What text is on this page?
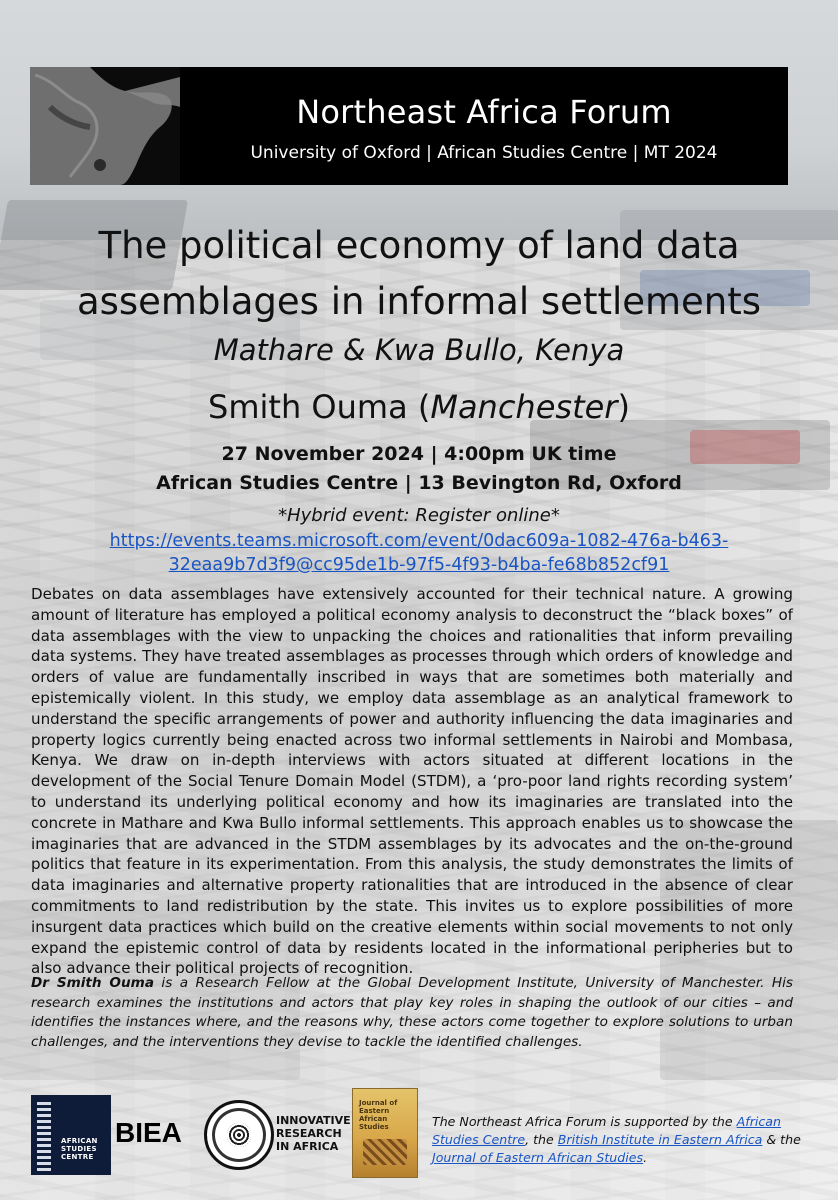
Northeast Africa Forum
University of Oxford | African Studies Centre | MT 2024
The political economy of land data
assemblages in informal settlements
Mathare & Kwa Bullo, Kenya
Smith Ouma (Manchester)
27 November 2024 | 4:00pm UK time
African Studies Centre | 13 Bevington Rd, Oxford
*Hybrid event: Register online*
https://events.teams.microsoft.com/event/0dac609a-1082-476a-b463-
32eaa9b7d3f9@cc95de1b-97f5-4f93-b4ba-fe68b852cf91
Debates on data assemblages have extensively accounted for their technical nature. A growing amount of literature has employed a political economy analysis to deconstruct the “black boxes” of data assemblages with the view to unpacking the choices and rationalities that inform prevailing data systems. They have treated assemblages as processes through which orders of knowledge and orders of value are fundamentally inscribed in ways that are sometimes both materially and epistemically violent. In this study, we employ data assemblage as an analytical framework to understand the specific arrangements of power and authority influencing the data imaginaries and property logics currently being enacted across two informal settlements in Nairobi and Mombasa, Kenya. We draw on in-depth interviews with actors situated at different locations in the development of the Social Tenure Domain Model (STDM), a ‘pro-poor land rights recording system’ to understand its underlying political economy and how its imaginaries are translated into the concrete in Mathare and Kwa Bullo informal settlements. This approach enables us to showcase the imaginaries that are advanced in the STDM assemblages by its advocates and the on-the-ground politics that feature in its experimentation. From this analysis, the study demonstrates the limits of data imaginaries and alternative property rationalities that are introduced in the absence of clear commitments to land redistribution by the state. This invites us to explore possibilities of more insurgent data practices which build on the creative elements within social movements to not only expand the epistemic control of data by residents located in the informational peripheries but to also advance their political projects of recognition.
Dr Smith Ouma is a Research Fellow at the Global Development Institute, University of Manchester. His research examines the institutions and actors that play key roles in shaping the outlook of our cities – and identifies the instances where, and the reasons why, these actors come together to explore solutions to urban challenges, and the interventions they devise to tackle the identified challenges.
AFRICAN STUDIES CENTRE
BIEA	INNOVATIVE
RESEARCH
IN AFRICA
Journal of
Eastern
African
Studies	The Northeast Africa Forum is supported by the African Studies Centre, the British Institute in Eastern Africa & the Journal of Eastern African Studies.
